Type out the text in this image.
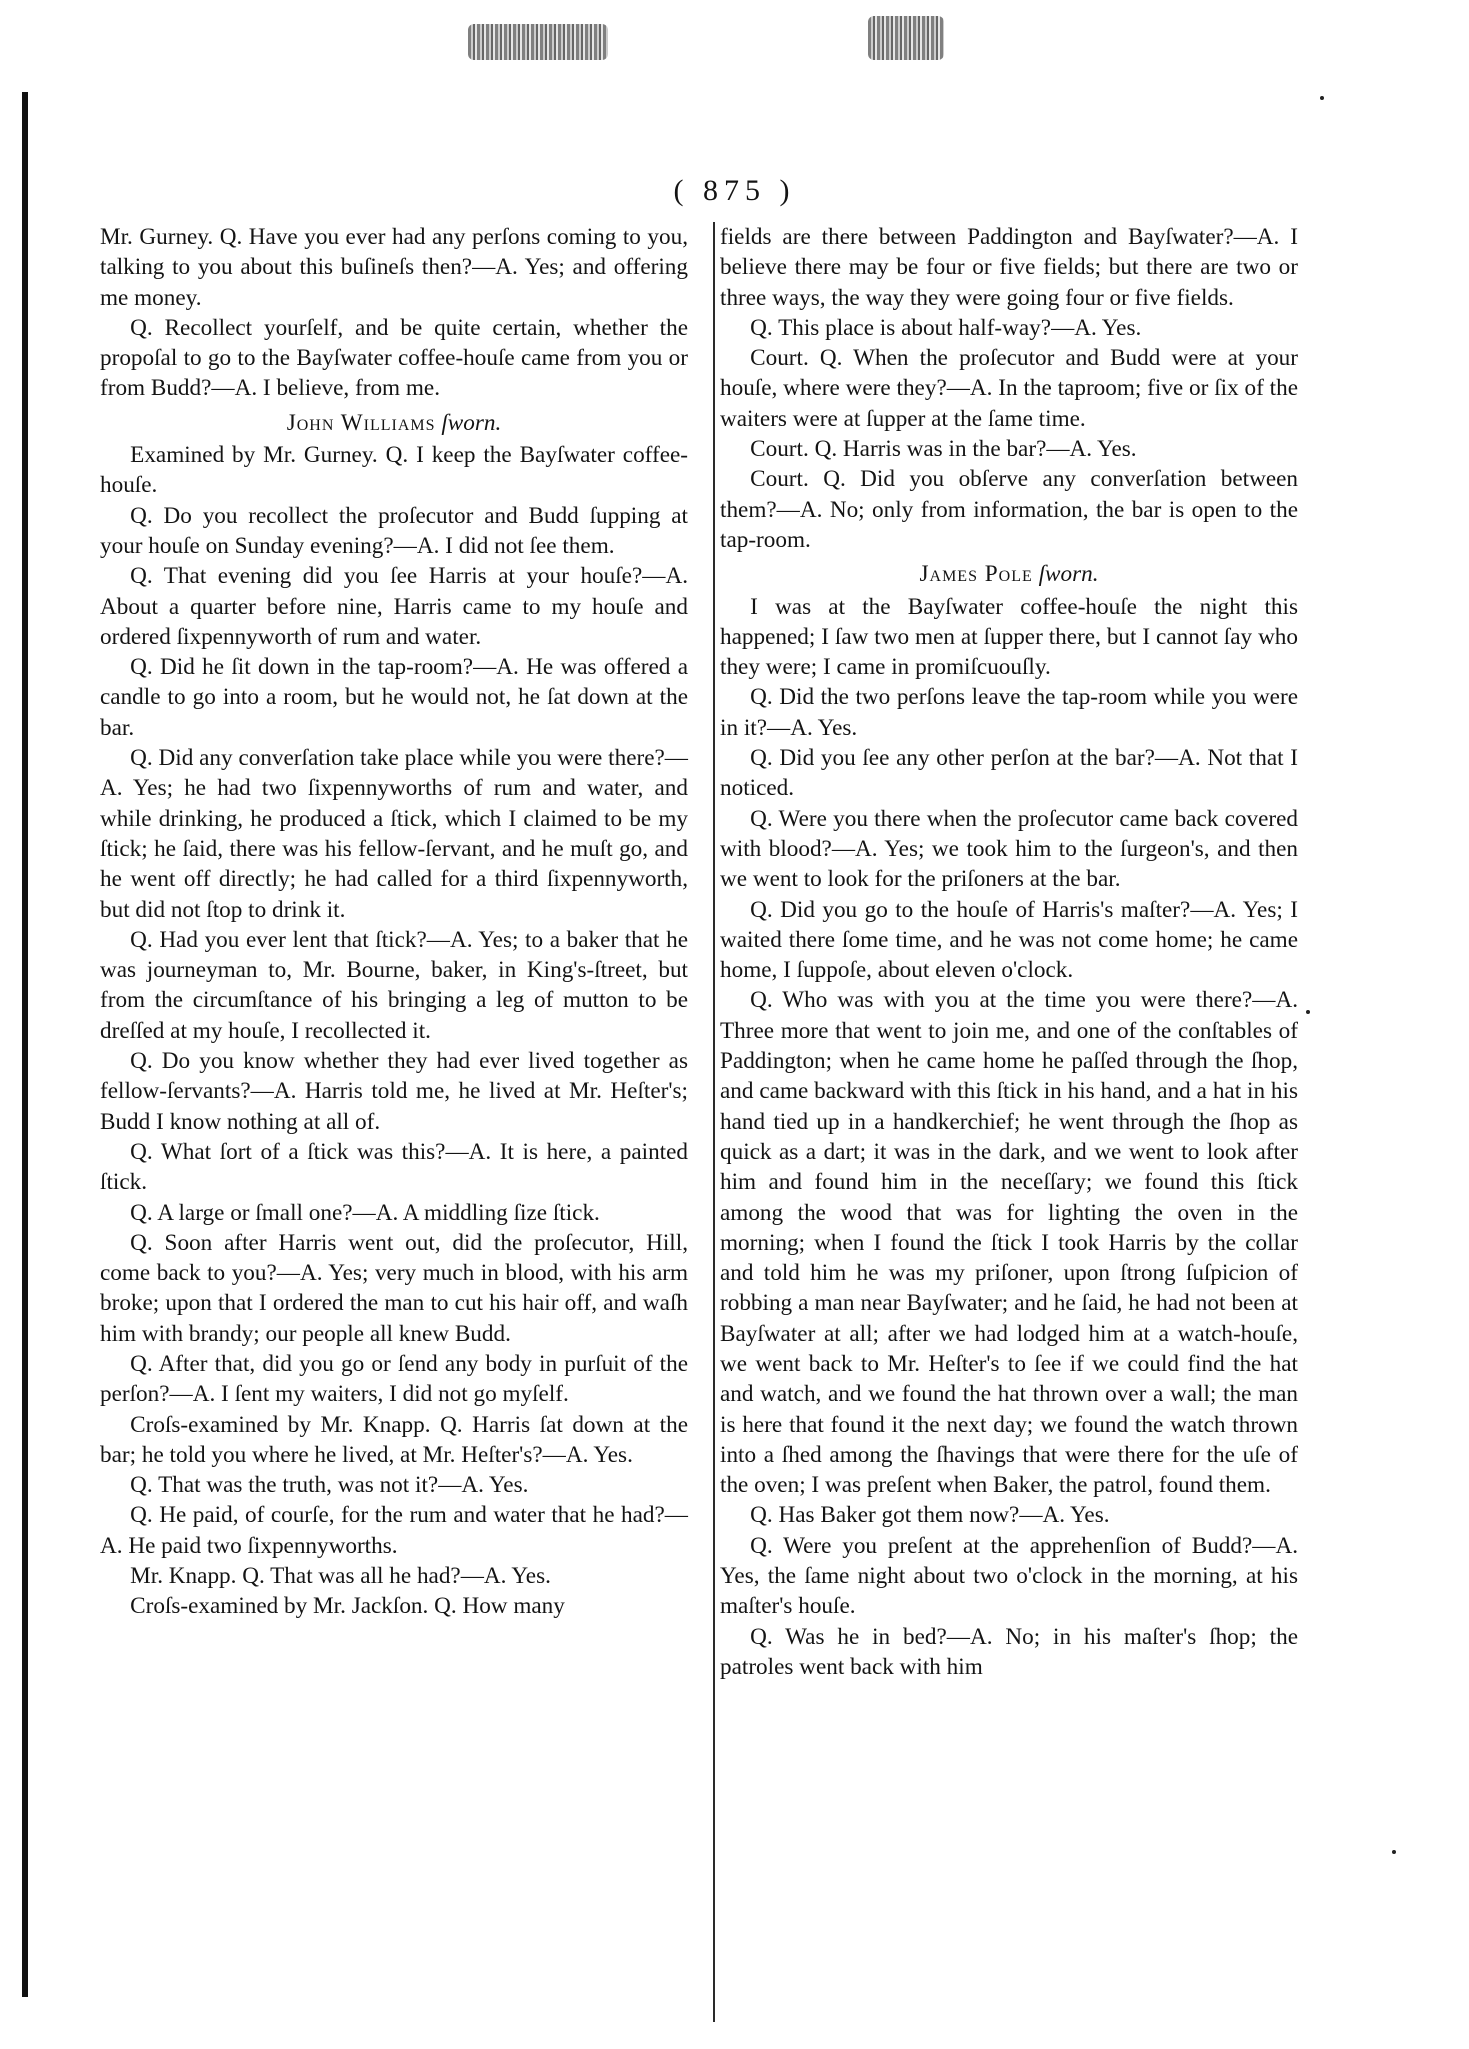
( 875 )

Mr. Gurney. Q. Have you ever had any perſons coming to you, talking to you about this buſineſs then?—A. Yes; and offering me money.

Q. Recollect yourſelf, and be quite certain, whether the propoſal to go to the Bayſwater coffee-houſe came from you or from Budd?—A. I believe, from me.

John Williams ſworn.

Examined by Mr. Gurney. Q. I keep the Bayſwater coffee-houſe.

Q. Do you recollect the proſecutor and Budd ſupping at your houſe on Sunday evening?—A. I did not ſee them.

Q. That evening did you ſee Harris at your houſe?—A. About a quarter before nine, Harris came to my houſe and ordered ſixpennyworth of rum and water.

Q. Did he ſit down in the tap-room?—A. He was offered a candle to go into a room, but he would not, he ſat down at the bar.

Q. Did any converſation take place while you were there?—A. Yes; he had two ſixpennyworths of rum and water, and while drinking, he produced a ſtick, which I claimed to be my ſtick; he ſaid, there was his fellow-ſervant, and he muſt go, and he went off directly; he had called for a third ſixpennyworth, but did not ſtop to drink it.

Q. Had you ever lent that ſtick?—A. Yes; to a baker that he was journeyman to, Mr. Bourne, baker, in King's-ſtreet, but from the circumſtance of his bringing a leg of mutton to be dreſſed at my houſe, I recollected it.

Q. Do you know whether they had ever lived together as fellow-ſervants?—A. Harris told me, he lived at Mr. Heſter's; Budd I know nothing at all of.

Q. What ſort of a ſtick was this?—A. It is here, a painted ſtick.

Q. A large or ſmall one?—A. A middling ſize ſtick.

Q. Soon after Harris went out, did the proſecutor, Hill, come back to you?—A. Yes; very much in blood, with his arm broke; upon that I ordered the man to cut his hair off, and waſh him with brandy; our people all knew Budd.

Q. After that, did you go or ſend any body in purſuit of the perſon?—A. I ſent my waiters, I did not go myſelf.

Croſs-examined by Mr. Knapp. Q. Harris ſat down at the bar; he told you where he lived, at Mr. Heſter's?—A. Yes.

Q. That was the truth, was not it?—A. Yes.

Q. He paid, of courſe, for the rum and water that he had?—A. He paid two ſixpennyworths.

Mr. Knapp. Q. That was all he had?—A. Yes.

Croſs-examined by Mr. Jackſon. Q. How many

fields are there between Paddington and Bayſwater?—A. I believe there may be four or five fields; but there are two or three ways, the way they were going four or five fields.

Q. This place is about half-way?—A. Yes.

Court. Q. When the proſecutor and Budd were at your houſe, where were they?—A. In the taproom; five or ſix of the waiters were at ſupper at the ſame time.

Court. Q. Harris was in the bar?—A. Yes.

Court. Q. Did you obſerve any converſation between them?—A. No; only from information, the bar is open to the tap-room.

James Pole ſworn.

I was at the Bayſwater coffee-houſe the night this happened; I ſaw two men at ſupper there, but I cannot ſay who they were; I came in promiſcuouſly.

Q. Did the two perſons leave the tap-room while you were in it?—A. Yes.

Q. Did you ſee any other perſon at the bar?—A. Not that I noticed.

Q. Were you there when the proſecutor came back covered with blood?—A. Yes; we took him to the ſurgeon's, and then we went to look for the priſoners at the bar.

Q. Did you go to the houſe of Harris's maſter?—A. Yes; I waited there ſome time, and he was not come home; he came home, I ſuppoſe, about eleven o'clock.

Q. Who was with you at the time you were there?—A. Three more that went to join me, and one of the conſtables of Paddington; when he came home he paſſed through the ſhop, and came backward with this ſtick in his hand, and a hat in his hand tied up in a handkerchief; he went through the ſhop as quick as a dart; it was in the dark, and we went to look after him and found him in the neceſſary; we found this ſtick among the wood that was for lighting the oven in the morning; when I found the ſtick I took Harris by the collar and told him he was my priſoner, upon ſtrong ſuſpicion of robbing a man near Bayſwater; and he ſaid, he had not been at Bayſwater at all; after we had lodged him at a watch-houſe, we went back to Mr. Heſter's to ſee if we could find the hat and watch, and we found the hat thrown over a wall; the man is here that found it the next day; we found the watch thrown into a ſhed among the ſhavings that were there for the uſe of the oven; I was preſent when Baker, the patrol, found them.

Q. Has Baker got them now?—A. Yes.

Q. Were you preſent at the apprehenſion of Budd?—A. Yes, the ſame night about two o'clock in the morning, at his maſter's houſe.

Q. Was he in bed?—A. No; in his maſter's ſhop; the patroles went back with him
